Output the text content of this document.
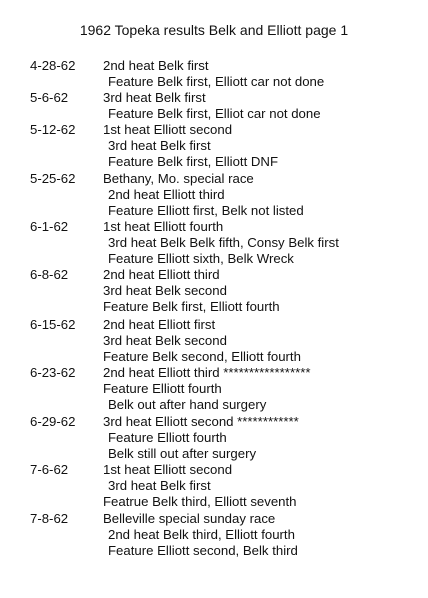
1962 Topeka results Belk and Elliott page 1
4-28-62 2nd heat Belk first
Feature Belk first, Elliott car not done
5-6-62	3rd heat Belk first
Feature Belk first, Elliot car not done
5-12-62 1st heat Elliott second
3rd heat Belk first
Feature Belk first, Elliott DNF
5-25-62 Bethany, Mo. special race
2nd heat Elliott third
Feature Elliott first, Belk not listed
6-1-62	1st heat Elliott fourth
3rd heat Belk Belk fifth, Consy Belk first
Feature Elliott sixth, Belk Wreck
6-8-62	2nd heat Elliott third
3rd heat Belk second
Feature Belk first, Elliott fourth
6-15-62 2nd heat Elliott first
3rd heat Belk second
Feature Belk second, Elliott fourth
6-23-62 2nd heat Elliott third *****************
Feature Elliott fourth
Belk out after hand surgery
6-29-62 3rd heat Elliott second ************
Feature Elliott fourth
Belk still out after surgery
7-6-62	1st heat Elliott second
3rd heat Belk first
Featrue Belk third, Elliott seventh
7-8-62	Belleville special sunday race
2nd heat Belk third, Elliott fourth
Feature Elliott second, Belk third
